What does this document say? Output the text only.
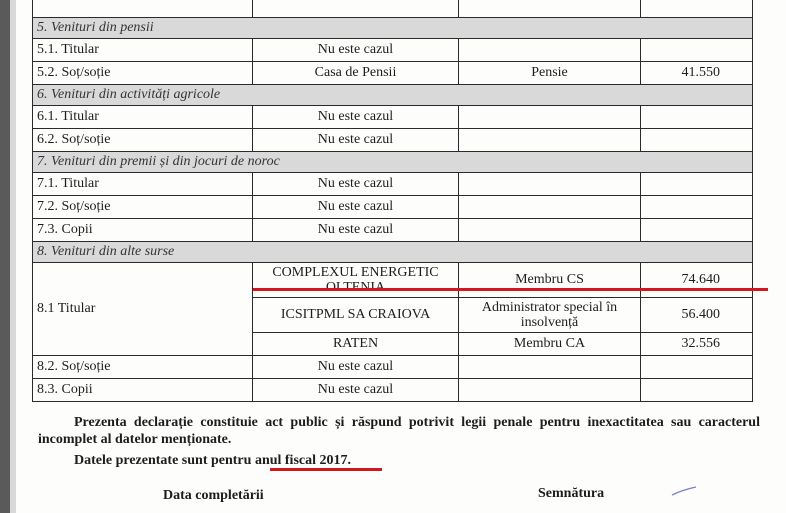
5. Venituri din pensii			
5.1. Titular	Nu este cazul		
5.2. Soț/soție	Casa de Pensii	Pensie	41.550
6. Venituri din activități agricole			
6.1. Titular	Nu este cazul		
6.2. Soț/soție	Nu este cazul		
7. Venituri din premii și din jocuri de noroc			
7.1. Titular	Nu este cazul		
7.2. Soț/soție	Nu este cazul		
7.3. Copii	Nu este cazul		
8. Venituri din alte surse			
8.1 Titular	COMPLEXUL ENERGETIC	Membru CS	74.640
	ICSITPML SA CRAIOVA	Administrator special în insolvență	56.400
	RATEN	Membru CA	32.556
8.2. Soț/soție	Nu este cazul		
8.3. Copii	Nu este cazul		
Prezenta declarație constituie act public și răspund potrivit legii penale pentru inexactitatea sau caracterul incomplet al datelor menționate.
Datele prezentate sunt pentru anul fiscal 2017.
Data completării	Semnătura
